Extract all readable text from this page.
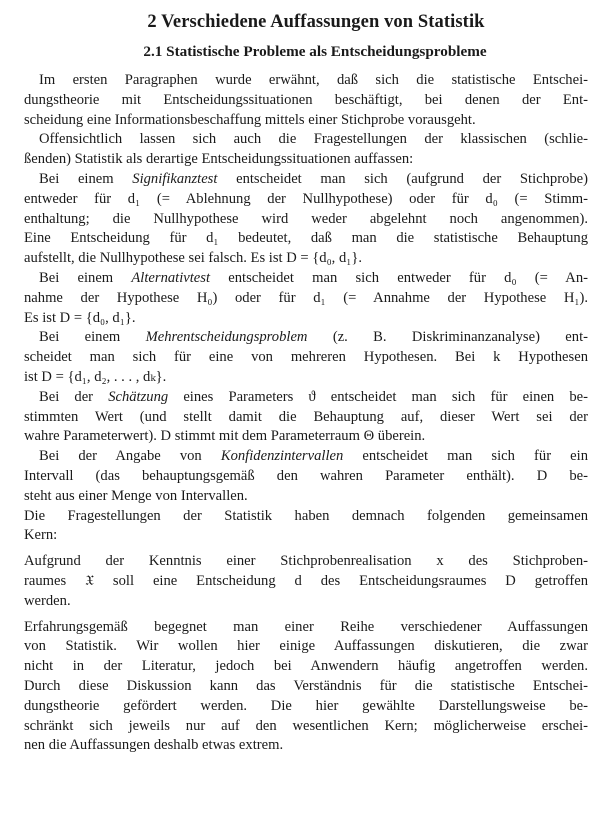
2 Verschiedene Auffassungen von Statistik
2.1 Statistische Probleme als Entscheidungsprobleme
Im ersten Paragraphen wurde erwähnt, daß sich die statistische Entschei-
dungstheorie mit Entscheidungssituationen beschäftigt, bei denen der Ent-
scheidung eine Informationsbeschaffung mittels einer Stichprobe vorausgeht.
Offensichtlich lassen sich auch die Fragestellungen der klassischen (schlie-
ßenden) Statistik als derartige Entscheidungssituationen auffassen:
Bei einem Signifikanztest entscheidet man sich (aufgrund der Stichprobe)
entweder für d₁ (= Ablehnung der Nullhypothese) oder für d₀ (= Stimm-
enthaltung; die Nullhypothese wird weder abgelehnt noch angenommen).
Eine Entscheidung für d₁ bedeutet, daß man die statistische Behauptung
aufstellt, die Nullhypothese sei falsch. Es ist D = {d₀, d₁}.
Bei einem Alternativtest entscheidet man sich entweder für d₀ (= An-
nahme der Hypothese H₀) oder für d₁ (= Annahme der Hypothese H₁).
Es ist D = {d₀, d₁}.
Bei einem Mehrentscheidungsproblem (z. B. Diskriminanzanalyse) ent-
scheidet man sich für eine von mehreren Hypothesen. Bei k Hypothesen
ist D = {d₁, d₂, . . . , dₖ}.
Bei der Schätzung eines Parameters ϑ entscheidet man sich für einen be-
stimmten Wert (und stellt damit die Behauptung auf, dieser Wert sei der
wahre Parameterwert). D stimmt mit dem Parameterraum Θ überein.
Bei der Angabe von Konfidenzintervallen entscheidet man sich für ein
Intervall (das behauptungsgemäß den wahren Parameter enthält). D be-
steht aus einer Menge von Intervallen.
Die Fragestellungen der Statistik haben demnach folgenden gemeinsamen
Kern:
Aufgrund der Kenntnis einer Stichprobenrealisation x des Stichproben-
raumes 𝔛 soll eine Entscheidung d des Entscheidungsraumes D getroffen
werden.
Erfahrungsgemäß begegnet man einer Reihe verschiedener Auffassungen
von Statistik. Wir wollen hier einige Auffassungen diskutieren, die zwar
nicht in der Literatur, jedoch bei Anwendern häufig angetroffen werden.
Durch diese Diskussion kann das Verständnis für die statistische Entschei-
dungstheorie gefördert werden. Die hier gewählte Darstellungsweise be-
schränkt sich jeweils nur auf den wesentlichen Kern; möglicherweise erschei-
nen die Auffassungen deshalb etwas extrem.
